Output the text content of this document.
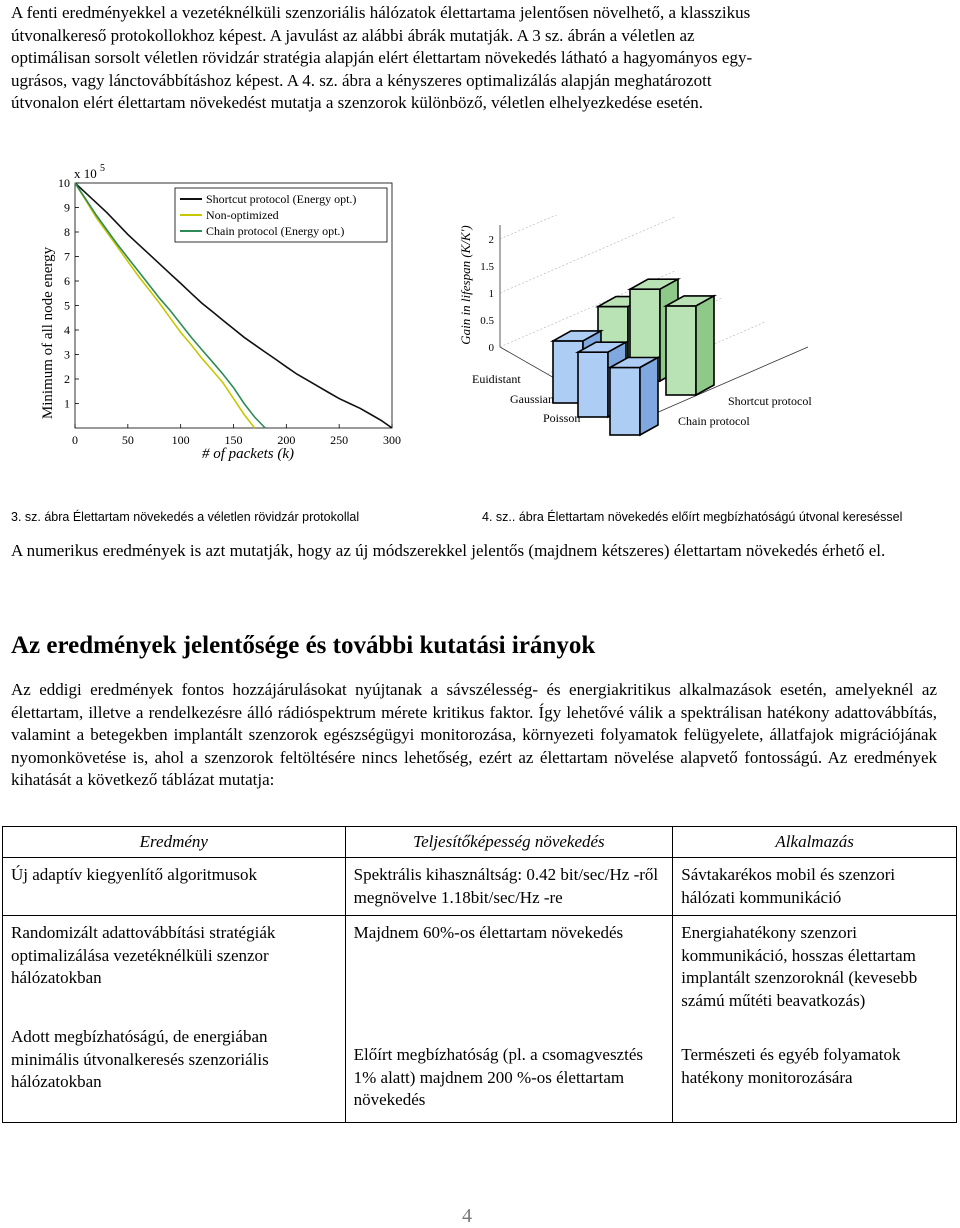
A fenti eredményekkel a vezetéknélküli szenzoriális hálózatok élettartama jelentősen növelhető, a klasszikus
útvonalkereső protokollokhoz képest. A javulást az alábbi ábrák mutatják. A 3 sz. ábrán a véletlen az
optimálisan sorsolt véletlen rövidzár stratégia alapján elért élettartam növekedés látható a hagyományos egy-
ugrásos, vagy lánctovábbításhoz képest. A 4. sz. ábra a kényszeres optimalizálás alapján meghatározott
útvonalon elért élettartam növekedést mutatja a szenzorok különböző, véletlen elhelyezkedése esetén.

0	50	100	150	200	250	300
1
2
3
4
5
6
7
8
9
10
Minimum of all node energy
# of packets (k)
x 10 $^5$
Shortcut protocol (Energy opt.)
Non-optimized
Chain protocol (Energy opt.)
0
0.5
1
1.5
2
Gain in lifespan (K/K')
Euidistant
Gaussian
Poisson
Shortcut protocol
Chain protocol
3. sz. ábra Élettartam növekedés a véletlen rövidzár protokollal	4. sz.. ábra Élettartam növekedés előírt megbízhatóságú útvonal kereséssel

A numerikus eredmények is azt mutatják, hogy az új módszerekkel jelentős (majdnem kétszeres) élettartam növekedés érhető el.

Az eredmények jelentősége és további kutatási irányok

Az eddigi eredmények fontos hozzájárulásokat nyújtanak a sávszélesség- és energiakritikus alkalmazások esetén, amelyeknél az élettartam, illetve a rendelkezésre álló rádióspektrum mérete kritikus faktor. Így lehetővé válik a spektrálisan hatékony adattovábbítás, valamint a betegekben implantált szenzorok egészségügyi monitorozása, környezeti folyamatok felügyelete, állatfajok migrációjának nyomonkövetése is, ahol a szenzorok feltöltésére nincs lehetőség, ezért az élettartam növelése alapvető fontosságú. Az eredmények kihatását a következő táblázat mutatja:

Eredmény	Teljesítőképesség növekedés	Alkalmazás
Új adaptív kiegyenlítő algoritmusok	Spektrális kihasználtság: 0.42 bit/sec/Hz -ről megnövelve 1.18bit/sec/Hz -re	Sávtakarékos mobil és szenzori hálózati kommunikáció
Randomizált adattovábbítási stratégiák optimalizálása vezetéknélküli szenzor hálózatokban	Majdnem 60%-os élettartam növekedés	Energiahatékony szenzori kommunikáció, hosszas élettartam implantált szenzoroknál (kevesebb számú műtéti beavatkozás)
Adott megbízhatóságú, de energiában minimális útvonalkeresés szenzoriális hálózatokban	Előírt megbízhatóság (pl. a csomagvesztés 1% alatt) majdnem 200 %-os élettartam növekedés	Természeti és egyéb folyamatok hatékony monitorozására
4
